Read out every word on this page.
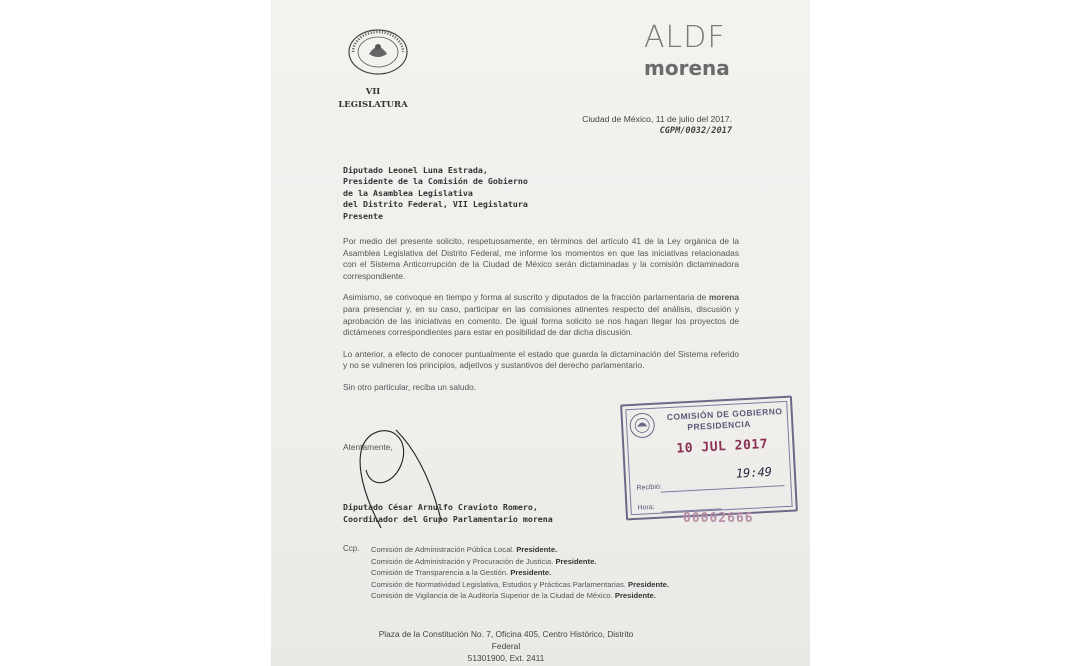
VII
LEGISLATURA
ALDF
morena
Ciudad de México, 11 de julio del 2017.
CGPM/0032/2017
Diputado Leonel Luna Estrada,
Presidente de la Comisión de Gobierno
de la Asamblea Legislativa
del Distrito Federal, VII Legislatura
Presente

Por medio del presente solicito, respetuosamente, en términos del artículo 41 de la Ley orgánica de la Asamblea Legislativa del Distrito Federal, me informe los momentos en que las iniciativas relacionadas con el Sistema Anticorrupción de la Ciudad de México serán dictaminadas y la comisión dictaminadora correspondiente.

Asimismo, se convoque en tiempo y forma al suscrito y diputados de la fracción parlamentaria de morena para presenciar y, en su caso, participar en las comisiones atinentes respecto del análisis, discusión y aprobación de las iniciativas en comento. De igual forma solicito se nos hagan llegar los proyectos de dictámenes correspondientes para estar en posibilidad de dar dicha discusión.

Lo anterior, a efecto de conocer puntualmente el estado que guarda la dictaminación del Sistema referido y no se vulneren los principios, adjetivos y sustantivos del derecho parlamentario.

Sin otro particular, reciba un saludo.

Atentamente,
Diputado César Arnulfo Cravioto Romero,
Coordinador del Grupo Parlamentario morena
Ccp. Comisión de Administración Pública Local. Presidente.
Comisión de Administración y Procuración de Justicia. Presidente.
Comisión de Transparencia a la Gestión. Presidente.
Comisión de Normatividad Legislativa, Estudios y Prácticas Parlamentarias. Presidente.
Comisión de Vigilancia de la Auditoría Superior de la Ciudad de México. Presidente.
COMISIÓN DE GOBIERNO
PRESIDENCIA
10 JUL 2017
Recibió:
19:49
Hora:
00002666
Plaza de la Constitución No. 7, Oficina 405, Centro Histórico, Distrito Federal
51301900, Ext. 2411
